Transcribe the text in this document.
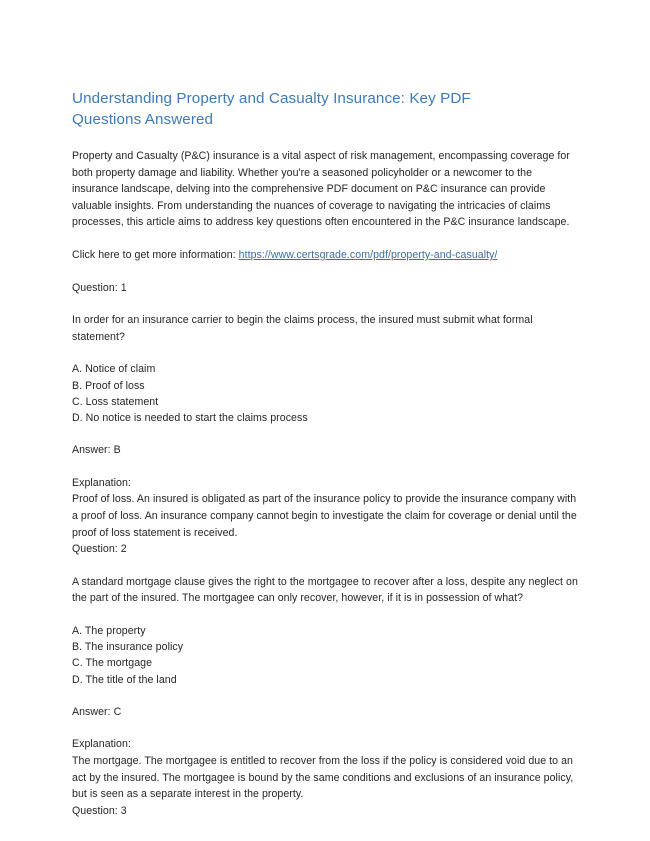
Understanding Property and Casualty Insurance: Key PDF Questions Answered

Property and Casualty (P&C) insurance is a vital aspect of risk management, encompassing coverage for both property damage and liability. Whether you're a seasoned policyholder or a newcomer to the insurance landscape, delving into the comprehensive PDF document on P&C insurance can provide valuable insights. From understanding the nuances of coverage to navigating the intricacies of claims processes, this article aims to address key questions often encountered in the P&C insurance landscape.

Click here to get more information: https://www.certsgrade.com/pdf/property-and-casualty/

Question: 1

In order for an insurance carrier to begin the claims process, the insured must submit what formal statement?

A. Notice of claim
B. Proof of loss
C. Loss statement
D. No notice is needed to start the claims process

Answer: B

Explanation:

Proof of loss. An insured is obligated as part of the insurance policy to provide the insurance company with a proof of loss. An insurance company cannot begin to investigate the claim for coverage or denial until the proof of loss statement is received.

Question: 2

A standard mortgage clause gives the right to the mortgagee to recover after a loss, despite any neglect on the part of the insured. The mortgagee can only recover, however, if it is in possession of what?

A. The property
B. The insurance policy
C. The mortgage
D. The title of the land

Answer: C

Explanation:

The mortgage. The mortgagee is entitled to recover from the loss if the policy is considered void due to an act by the insured. The mortgagee is bound by the same conditions and exclusions of an insurance policy, but is seen as a separate interest in the property.

Question: 3
